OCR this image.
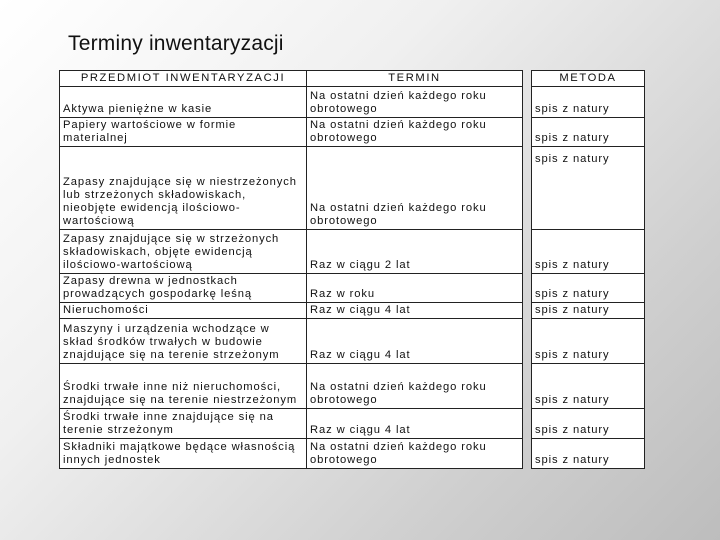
Terminy inwentaryzacji
PRZEDMIOT INWENTARYZACJI	TERMIN		METODA
Aktywa pieniężne w kasie	Na ostatni dzień każdego roku obrotowego		spis z natury
Papiery wartościowe w formie materialnej	Na ostatni dzień każdego roku obrotowego		spis z natury
Zapasy znajdujące się w niestrzeżonych lub strzeżonych składowiskach, nieobjęte ewidencją ilościowo-wartościową	Na ostatni dzień każdego roku obrotowego		spis z natury
Zapasy znajdujące się w strzeżonych składowiskach, objęte ewidencją ilościowo-wartościową	Raz w ciągu 2 lat		spis z natury
Zapasy drewna w jednostkach prowadzących gospodarkę leśną	Raz w roku		spis z natury
Nieruchomości	Raz w ciągu 4 lat		spis z natury
Maszyny i urządzenia wchodzące w skład środków trwałych w budowie znajdujące się na terenie strzeżonym	Raz w ciągu 4 lat		spis z natury
Środki trwałe inne niż nieruchomości, znajdujące się na terenie niestrzeżonym	Na ostatni dzień każdego roku obrotowego		spis z natury
Środki trwałe inne znajdujące się na terenie strzeżonym	Raz w ciągu 4 lat		spis z natury
Składniki majątkowe będące własnością innych jednostek	Na ostatni dzień każdego roku obrotowego		spis z natury
